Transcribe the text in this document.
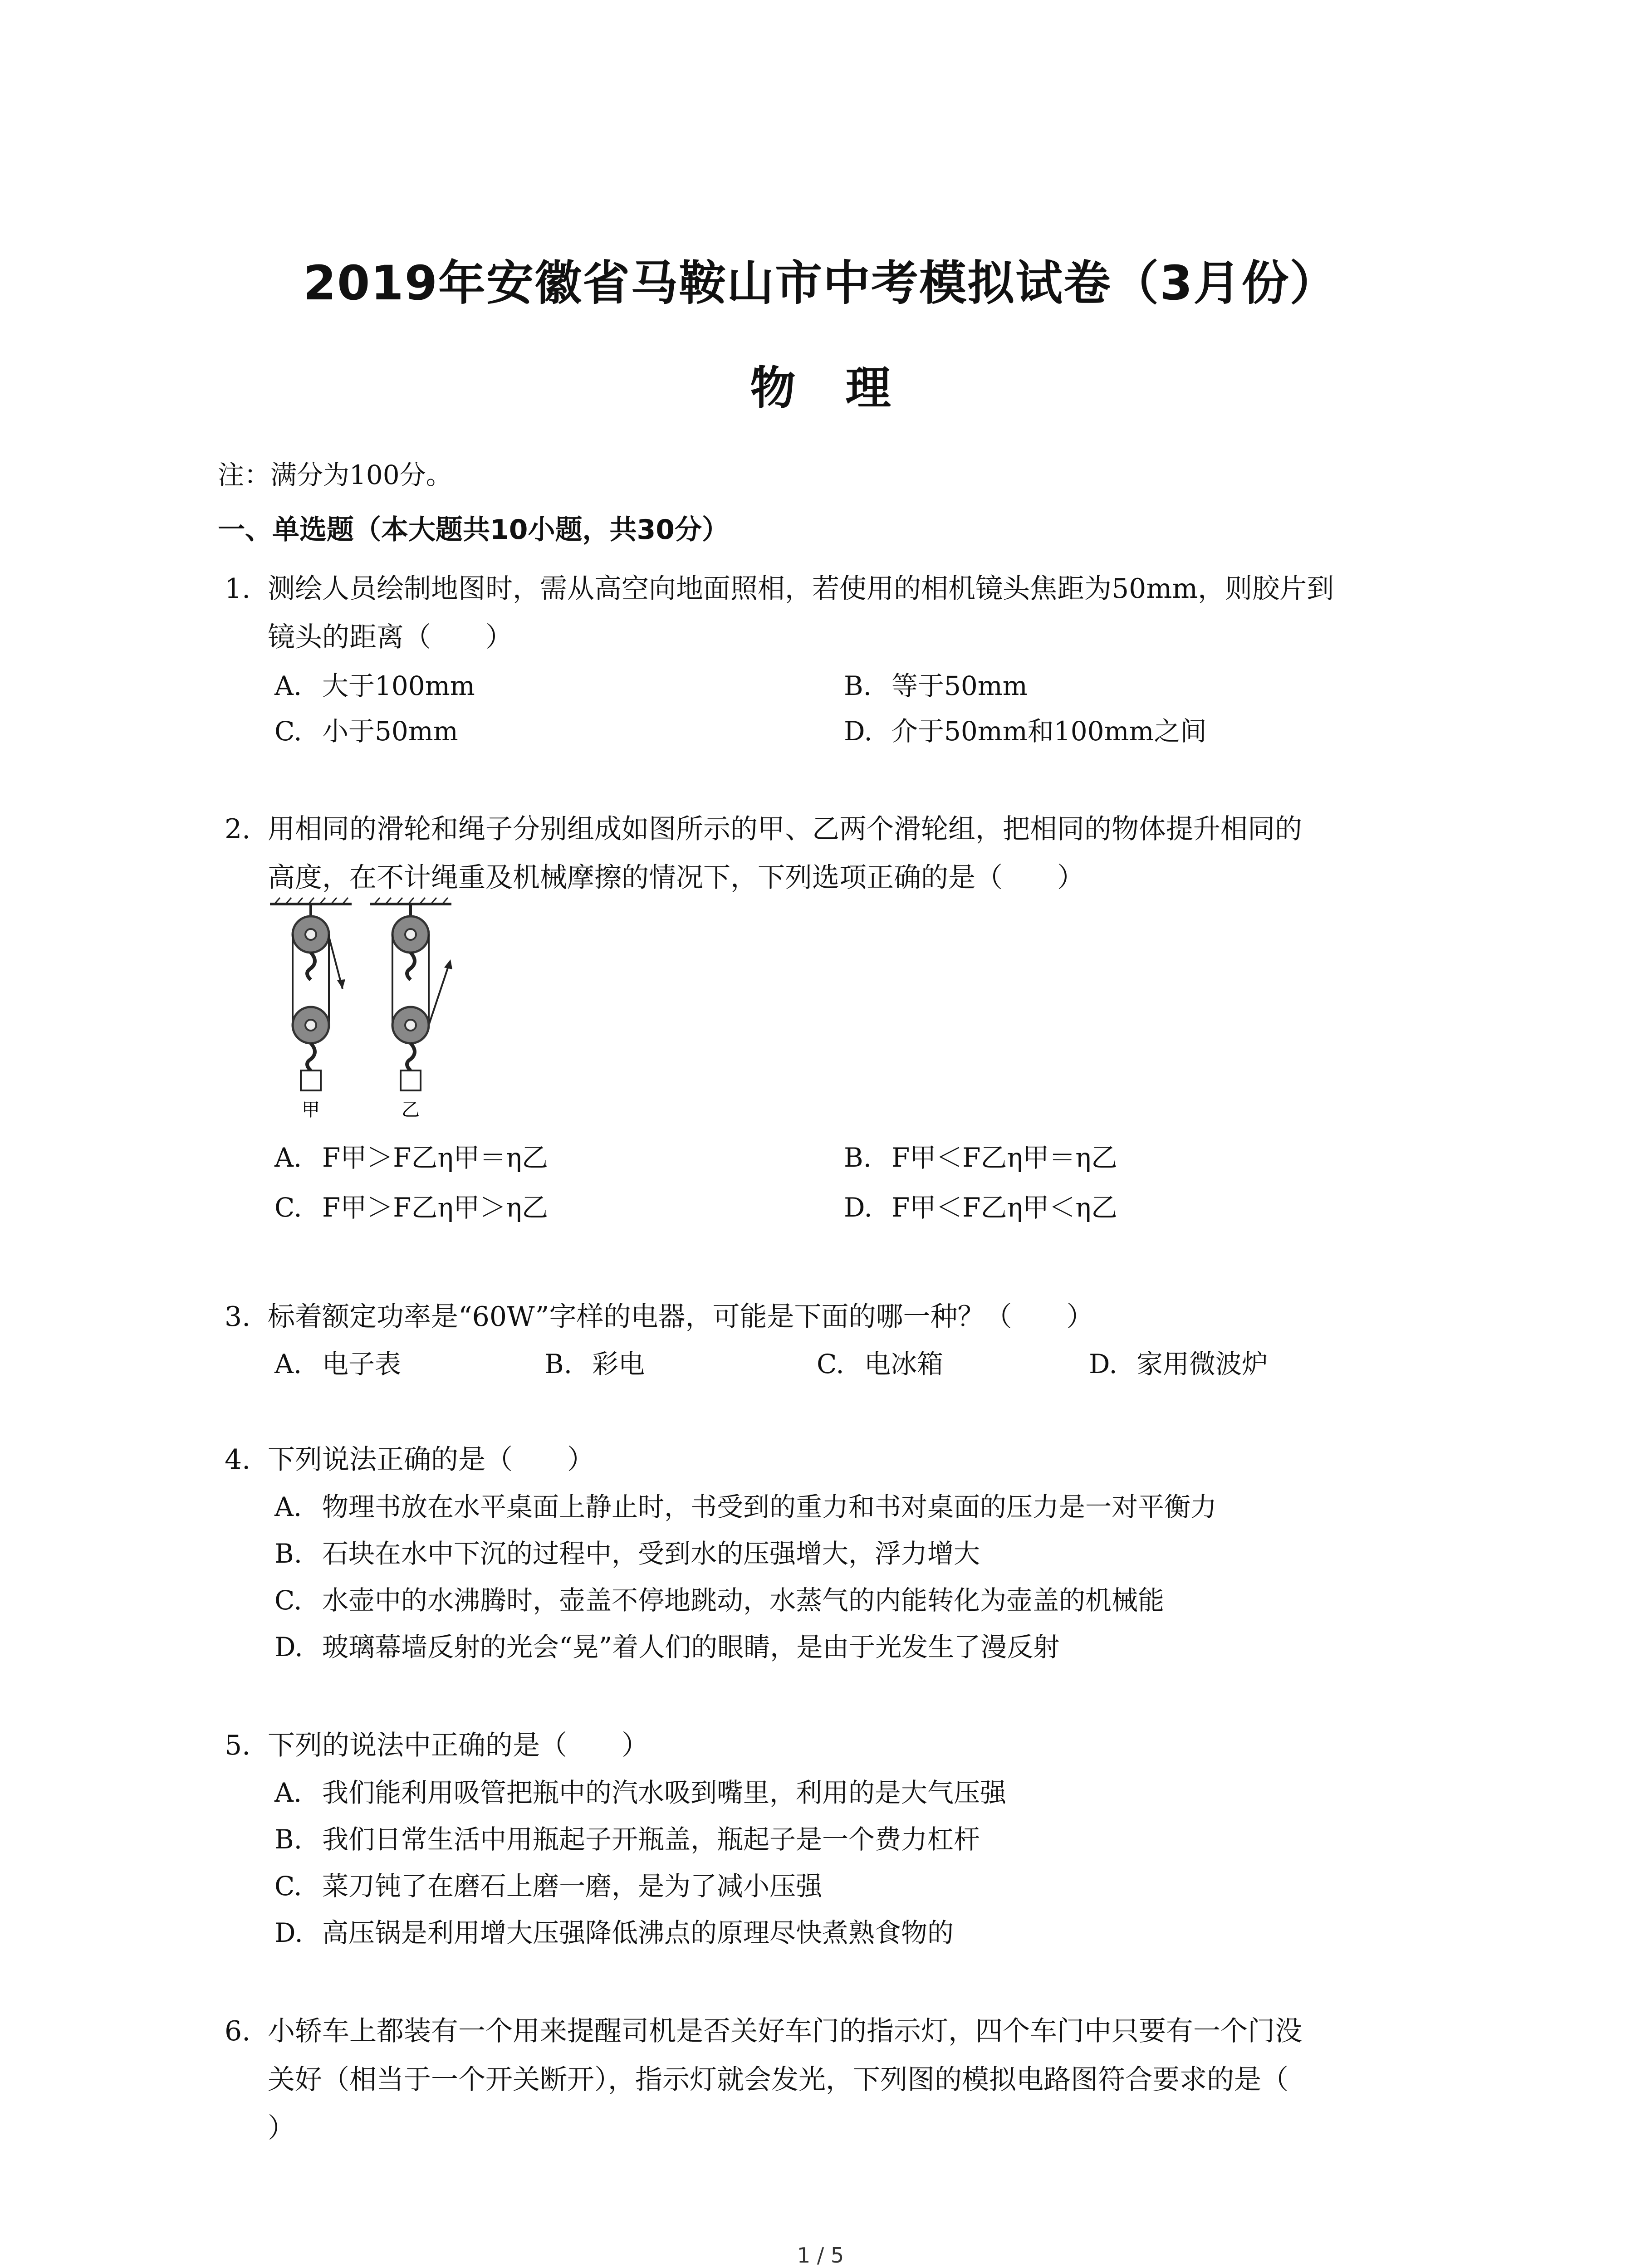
2019年安徽省马鞍山市中考模拟试卷（3月份）
物 理
注：满分为100分。
一、单选题（本大题共10小题，共30分）
1. 测绘人员绘制地图时，需从高空向地面照相，若使用的相机镜头焦距为50mm，则胶片到
镜头的距离（　　）
A. 大于100mm	B. 等于50mm
C. 小于50mm	D. 介于50mm和100mm之间
2. 用相同的滑轮和绳子分别组成如图所示的甲、乙两个滑轮组，把相同的物体提升相同的
高度，在不计绳重及机械摩擦的情况下，下列选项正确的是（　　）
甲	乙
A. F甲＞F乙η甲＝η乙	B. F甲＜F乙η甲＝η乙
C. F甲＞F乙η甲＞η乙	D. F甲＜F乙η甲＜η乙
3. 标着额定功率是“60W”字样的电器，可能是下面的哪一种？（　　）
A. 电子表	B. 彩电	C. 电冰箱	D. 家用微波炉
4. 下列说法正确的是（　　）
A. 物理书放在水平桌面上静止时，书受到的重力和书对桌面的压力是一对平衡力
B. 石块在水中下沉的过程中，受到水的压强增大，浮力增大
C. 水壶中的水沸腾时，壶盖不停地跳动，水蒸气的内能转化为壶盖的机械能
D. 玻璃幕墙反射的光会“晃”着人们的眼睛，是由于光发生了漫反射
5. 下列的说法中正确的是（　　）
A. 我们能利用吸管把瓶中的汽水吸到嘴里，利用的是大气压强
B. 我们日常生活中用瓶起子开瓶盖，瓶起子是一个费力杠杆
C. 菜刀钝了在磨石上磨一磨，是为了减小压强
D. 高压锅是利用增大压强降低沸点的原理尽快煮熟食物的
6. 小轿车上都装有一个用来提醒司机是否关好车门的指示灯，四个车门中只要有一个门没
关好（相当于一个开关断开），指示灯就会发光，下列图的模拟电路图符合要求的是（
）
1 / 5
